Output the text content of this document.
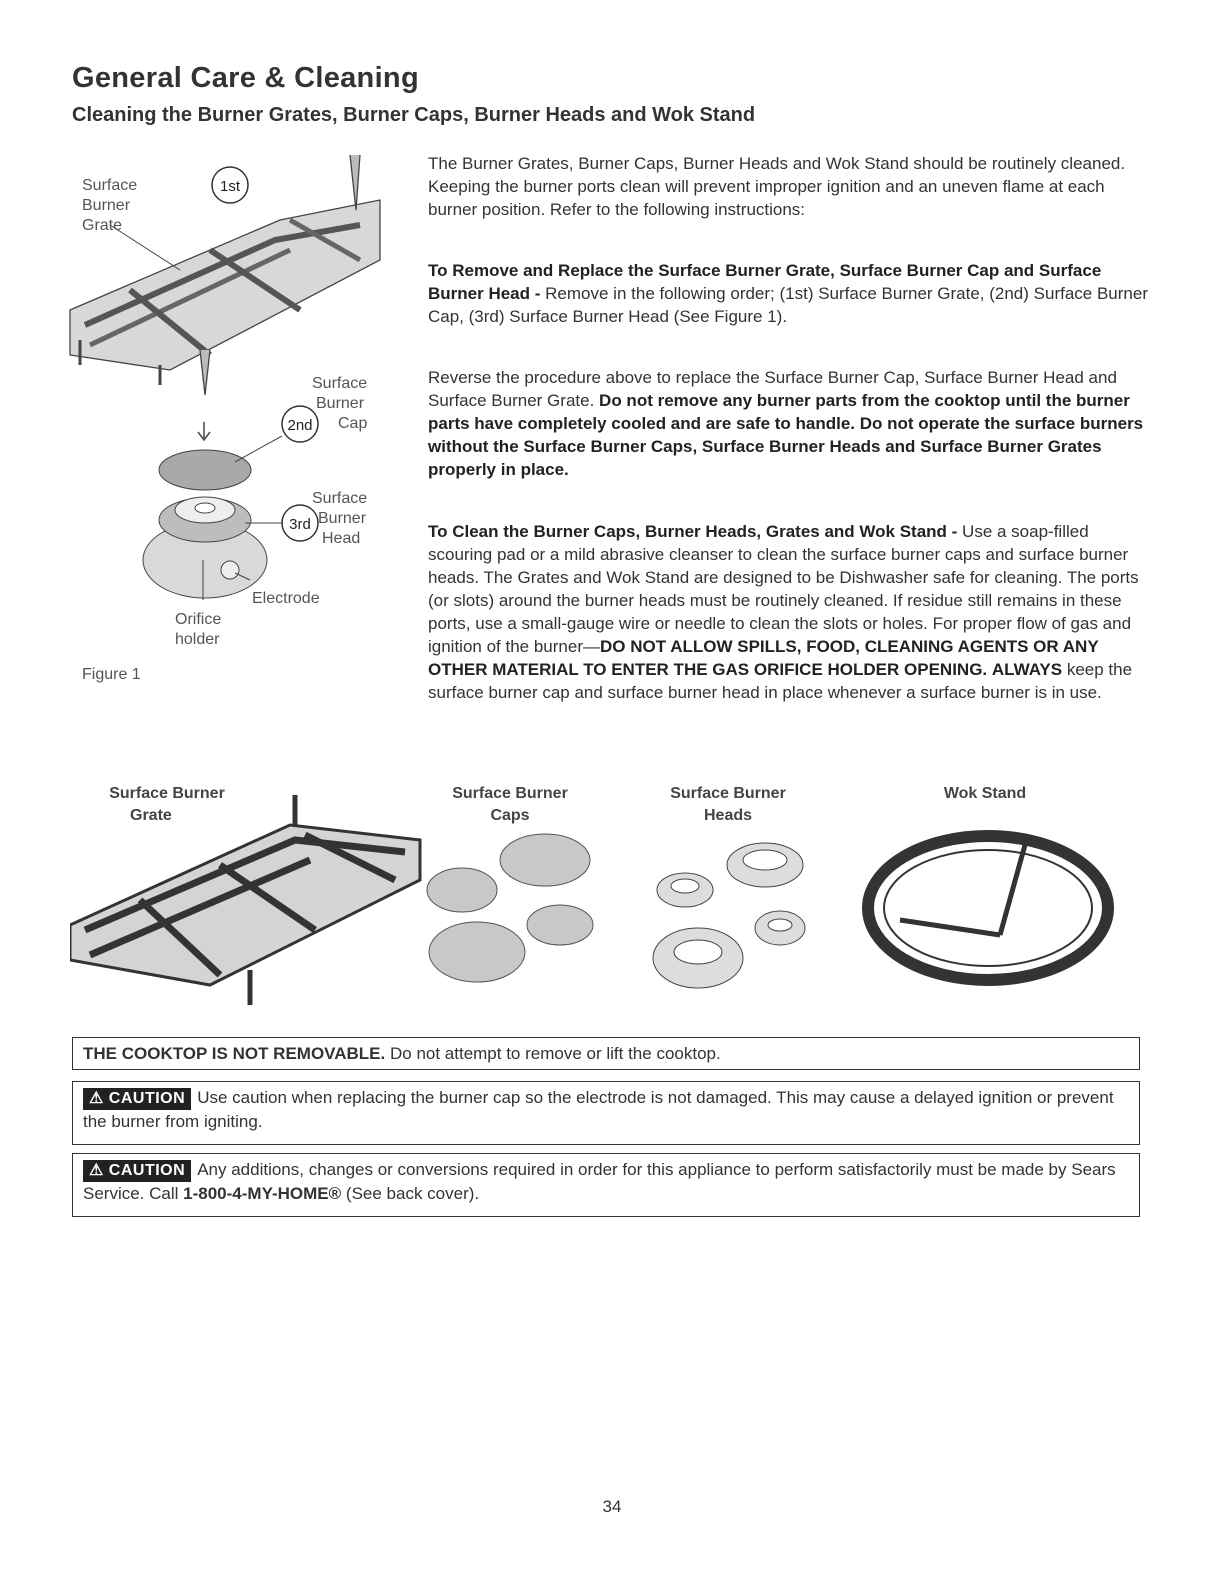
General Care & Cleaning
Cleaning the Burner Grates, Burner Caps, Burner Heads and Wok Stand
1st
2nd
3rd
Surface
Burner
Grate
Surface
Burner
Cap
Surface
Burner
Head
Electrode
Orifice
holder
Figure 1
The Burner Grates, Burner Caps, Burner Heads and Wok Stand should be routinely cleaned. Keeping the burner ports clean will prevent improper ignition and an uneven flame at each burner position. Refer to the following instructions:
To Remove and Replace the Surface Burner Grate, Surface Burner Cap and Surface Burner Head - Remove in the following order; (1st) Surface Burner Grate, (2nd) Surface Burner Cap, (3rd) Surface Burner Head (See Figure 1).
Reverse the procedure above to replace the Surface Burner Cap, Surface Burner Head and Surface Burner Grate. Do not remove any burner parts from the cooktop until the burner parts have completely cooled and are safe to handle. Do not operate the surface burners without the Surface Burner Caps, Surface Burner Heads and Surface Burner Grates properly in place.
To Clean the Burner Caps, Burner Heads, Grates and Wok Stand - Use a soap-filled scouring pad or a mild abrasive cleanser to clean the surface burner caps and surface burner heads. The Grates and Wok Stand are designed to be Dishwasher safe for cleaning. The ports (or slots) around the burner heads must be routinely cleaned. If residue still remains in these ports, use a small-gauge wire or needle to clean the slots or holes. For proper flow of gas and ignition of the burner—DO NOT ALLOW SPILLS, FOOD, CLEANING AGENTS OR ANY OTHER MATERIAL TO ENTER THE GAS ORIFICE HOLDER OPENING. ALWAYS keep the surface burner cap and surface burner head in place whenever a surface burner is in use.
Surface Burner
Grate
Surface Burner
Caps
Surface Burner
Heads
Wok Stand
THE COOKTOP IS NOT REMOVABLE. Do not attempt to remove or lift the cooktop.
⚠ CAUTION Use caution when replacing the burner cap so the electrode is not damaged. This may cause a delayed ignition or prevent the burner from igniting.
⚠ CAUTION Any additions, changes or conversions required in order for this appliance to perform satisfactorily must be made by Sears Service. Call 1-800-4-MY-HOME® (See back cover).
34
